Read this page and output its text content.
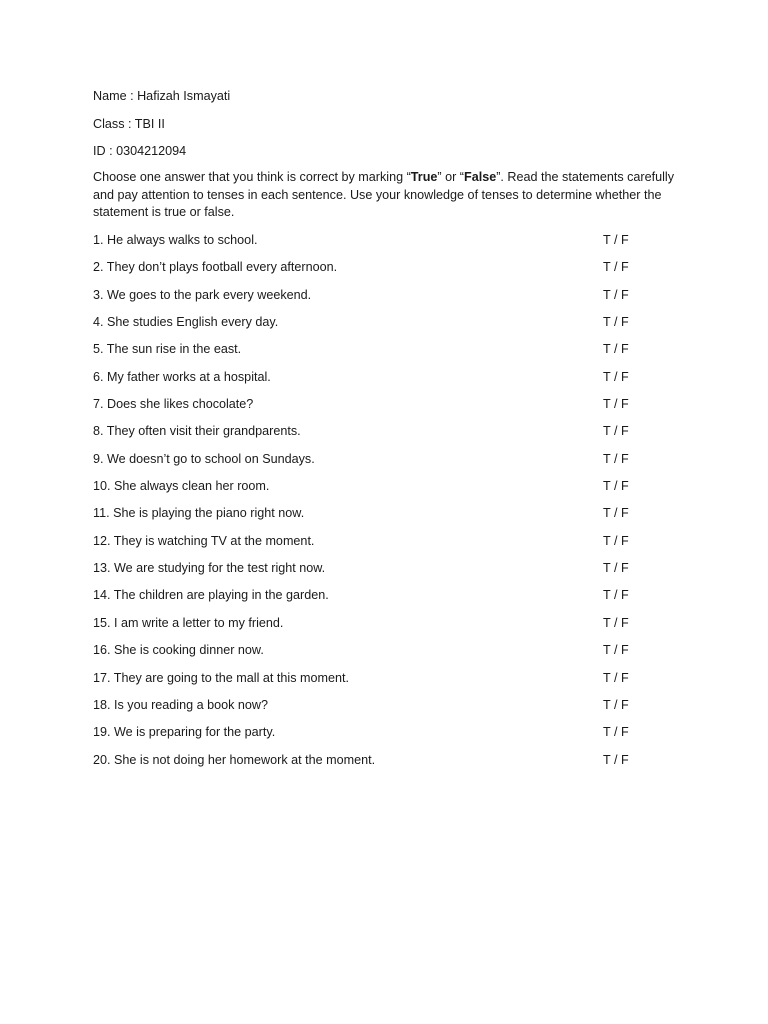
Name : Hafizah Ismayati
Class : TBI II
ID : 0304212094
Choose one answer that you think is correct by marking “True” or “False”. Read the statements carefully and pay attention to tenses in each sentence. Use your knowledge of tenses to determine whether the statement is true or false.
1. He always walks to school.	T / F
2. They don’t plays football every afternoon.	T / F
3. We goes to the park every weekend.	T / F
4. She studies English every day.	T / F
5. The sun rise in the east.	T / F
6. My father works at a hospital.	T / F
7. Does she likes chocolate?	T / F
8. They often visit their grandparents.	T / F
9. We doesn’t go to school on Sundays.	T / F
10. She always clean her room.	T / F
11. She is playing the piano right now.	T / F
12. They is watching TV at the moment.	T / F
13. We are studying for the test right now.	T / F
14. The children are playing in the garden.	T / F
15. I am write a letter to my friend.	T / F
16. She is cooking dinner now.	T / F
17. They are going to the mall at this moment.	T / F
18. Is you reading a book now?	T / F
19. We is preparing for the party.	T / F
20. She is not doing her homework at the moment.	T / F
